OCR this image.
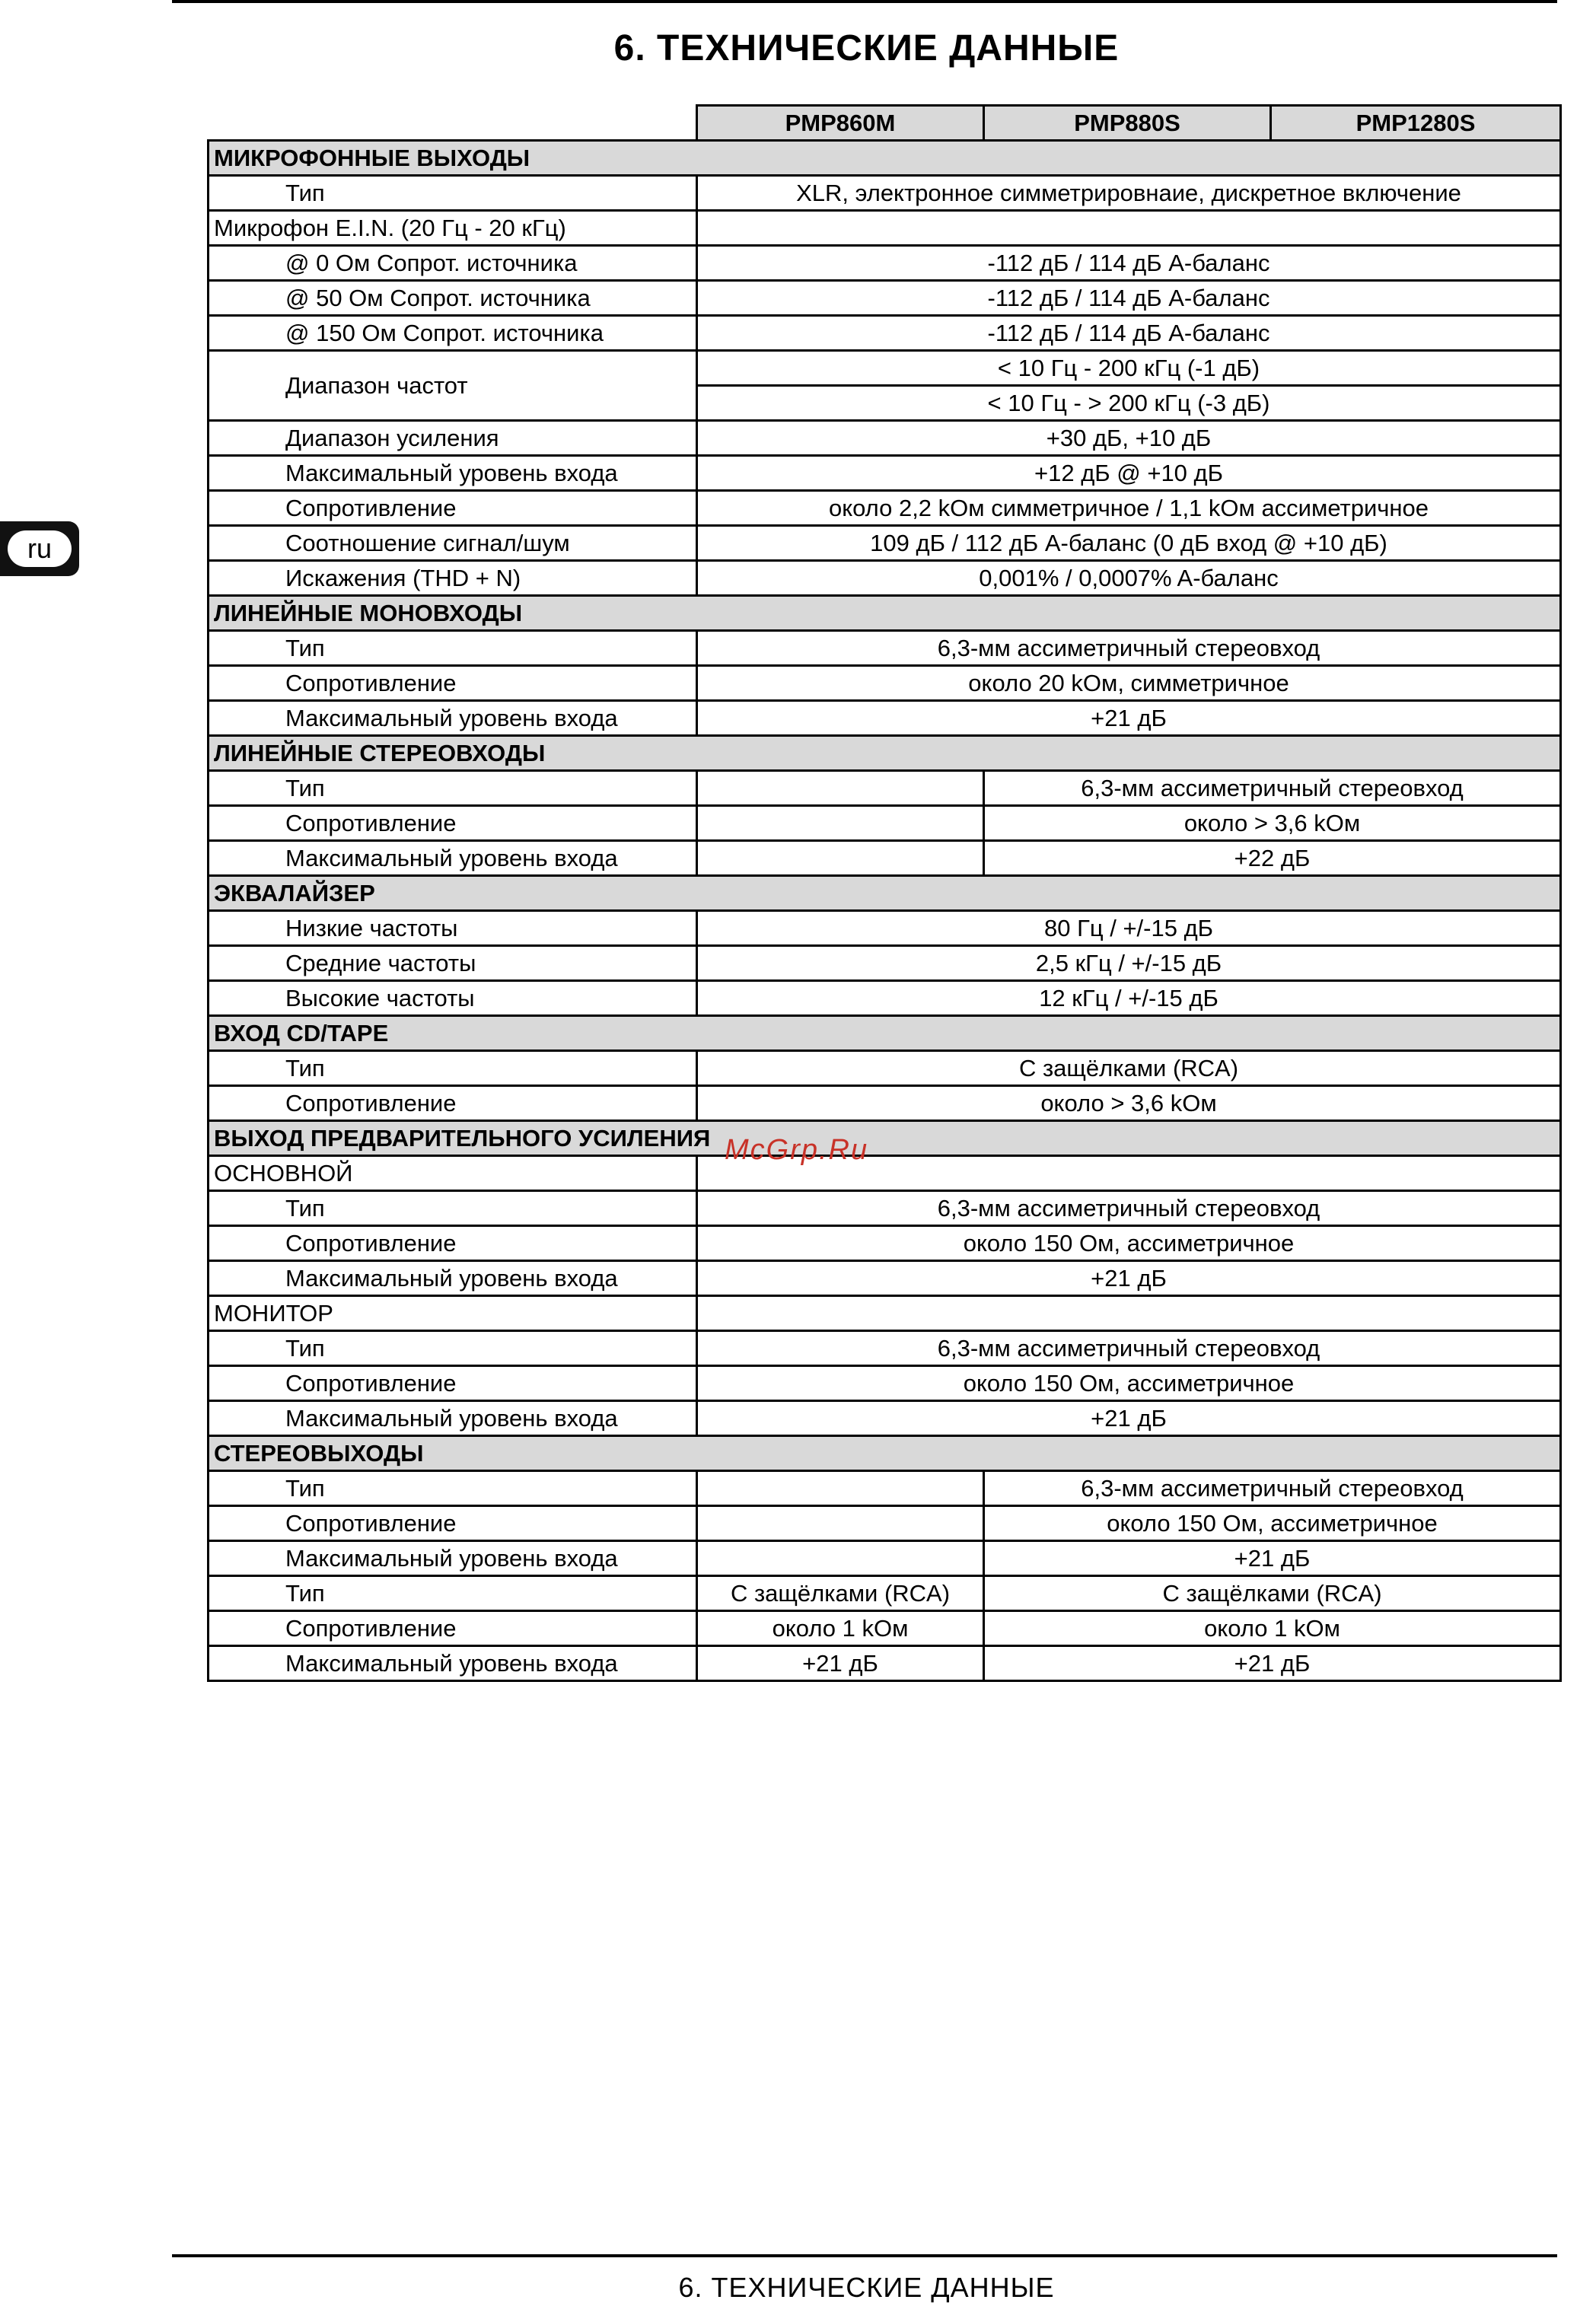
6. ТЕХНИЧЕСКИЕ ДАННЫЕ
ru
	PMP860M	PMP880S	PMP1280S
МИКРОФОННЫЕ ВЫХОДЫ			
Тип	XLR, электронное симметрировнаие, дискретное включение		
Микрофон E.I.N. (20 Гц - 20 кГц)			
@ 0 Ом Сопрот. источника	-112 дБ / 114 дБ A-баланс		
@ 50 Ом Сопрот. источника	-112 дБ / 114 дБ A-баланс		
@ 150 Ом Сопрот. источника	-112 дБ / 114 дБ A-баланс		
Диапазон частот	< 10 Гц - 200 кГц (-1 дБ)		
	< 10 Гц - > 200 кГц (-3 дБ)		
Диапазон усиления	+30 дБ, +10 дБ		
Максимальный уровень входа	+12 дБ @ +10 дБ		
Сопротивление	около 2,2 kОм симметричное / 1,1 kОм ассиметричное		
Соотношение сигнал/шум	109 дБ / 112 дБ A-баланс (0 дБ вход @ +10 дБ)		
Искажения (THD + N)	0,001% / 0,0007% A-баланс		
ЛИНЕЙНЫЕ МОНОВХОДЫ			
Тип	6,3-мм ассиметричный стереовход		
Сопротивление	около 20 kОм, симметричное		
Максимальный уровень входа	+21 дБ		
ЛИНЕЙНЫЕ СТЕРЕОВХОДЫ			
Тип		6,3-мм ассиметричный стереовход	
Сопротивление		около > 3,6 kОм	
Максимальный уровень входа		+22 дБ	
ЭКВАЛАЙЗЕР			
Низкие частоты	80 Гц / +/-15 дБ		
Средние частоты	2,5 кГц / +/-15 дБ		
Высокие частоты	12 кГц / +/-15 дБ		
ВХОД CD/TAPE			
Тип	С защёлками (RCA)		
Сопротивление	около > 3,6 kОм		
ВЫХОД ПРЕДВАРИТЕЛЬНОГО УСИЛЕНИЯ			
ОСНОВНОЙ			
Тип	6,3-мм ассиметричный стереовход		
Сопротивление	около 150 Ом, ассиметричное		
Максимальный уровень входа	+21 дБ		
МОНИТОР			
Тип	6,3-мм ассиметричный стереовход		
Сопротивление	около 150 Ом, ассиметричное		
Максимальный уровень входа	+21 дБ		
СТЕРЕОВЫХОДЫ			
Тип		6,3-мм ассиметричный стереовход	
Сопротивление		около 150 Ом, ассиметричное	
Максимальный уровень входа		+21 дБ	
Тип	С защёлками (RCA)	С защёлками (RCA)	
Сопротивление	около 1 kОм	около 1 kОм	
Максимальный уровень входа	+21 дБ	+21 дБ	
McGrp.Ru
6. ТЕХНИЧЕСКИЕ ДАННЫЕ
